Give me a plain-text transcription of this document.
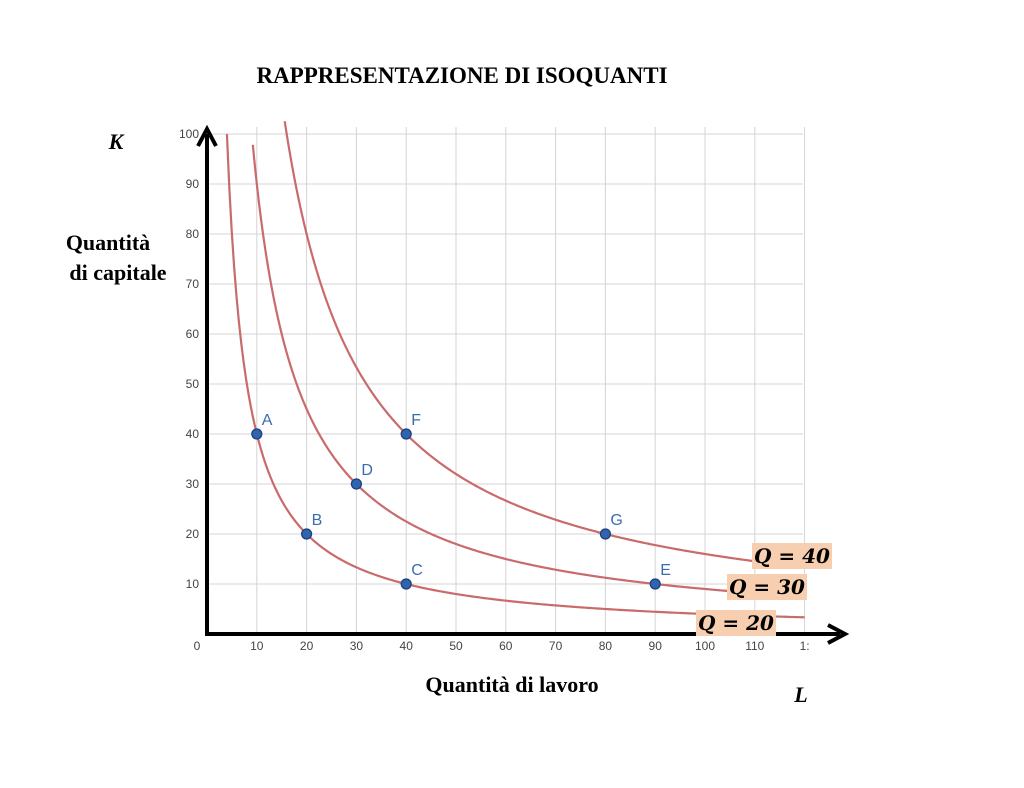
RAPPRESENTAZIONE DI ISOQUANTI
0	10	20	30	40	50	60	70	80	90	100	110	1:
10
20
30
40
50
60
70
80
90
100
A
B
C
D
E
F
G
Q = 20
Q = 30
Q = 40
K
Quantità
di capitale
Quantità di lavoro	L
